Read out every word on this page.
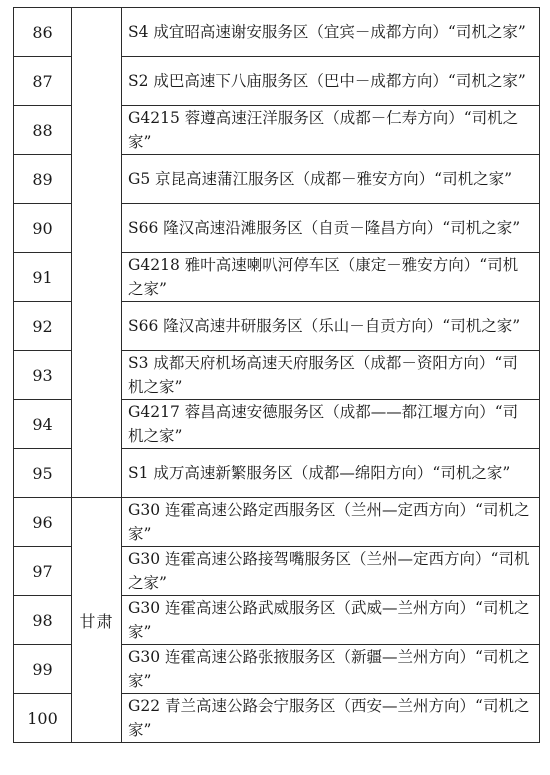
86		S4 成宜昭高速谢安服务区（宜宾－成都方向）“司机之家”
87		S2 成巴高速下八庙服务区（巴中－成都方向）“司机之家”
88		G4215 蓉遵高速汪洋服务区（成都－仁寿方向）“司机之家”
89		G5 京昆高速蒲江服务区（成都－雅安方向）“司机之家”
90		S66 隆汉高速沿滩服务区（自贡－隆昌方向）“司机之家”
91		G4218 雅叶高速喇叭河停车区（康定－雅安方向）“司机之家”
92		S66 隆汉高速井研服务区（乐山－自贡方向）“司机之家”
93		S3 成都天府机场高速天府服务区（成都－资阳方向）“司机之家”
94		G4217 蓉昌高速安德服务区（成都——都江堰方向）“司机之家”
95		S1 成万高速新繁服务区（成都—绵阳方向）“司机之家”
96	甘肃	G30 连霍高速公路定西服务区（兰州—定西方向）“司机之家”
97		G30 连霍高速公路接驾嘴服务区（兰州—定西方向）“司机之家”
98		G30 连霍高速公路武威服务区（武威—兰州方向）“司机之家”
99		G30 连霍高速公路张掖服务区（新疆—兰州方向）“司机之家”
100		G22 青兰高速公路会宁服务区（西安—兰州方向）“司机之家”
